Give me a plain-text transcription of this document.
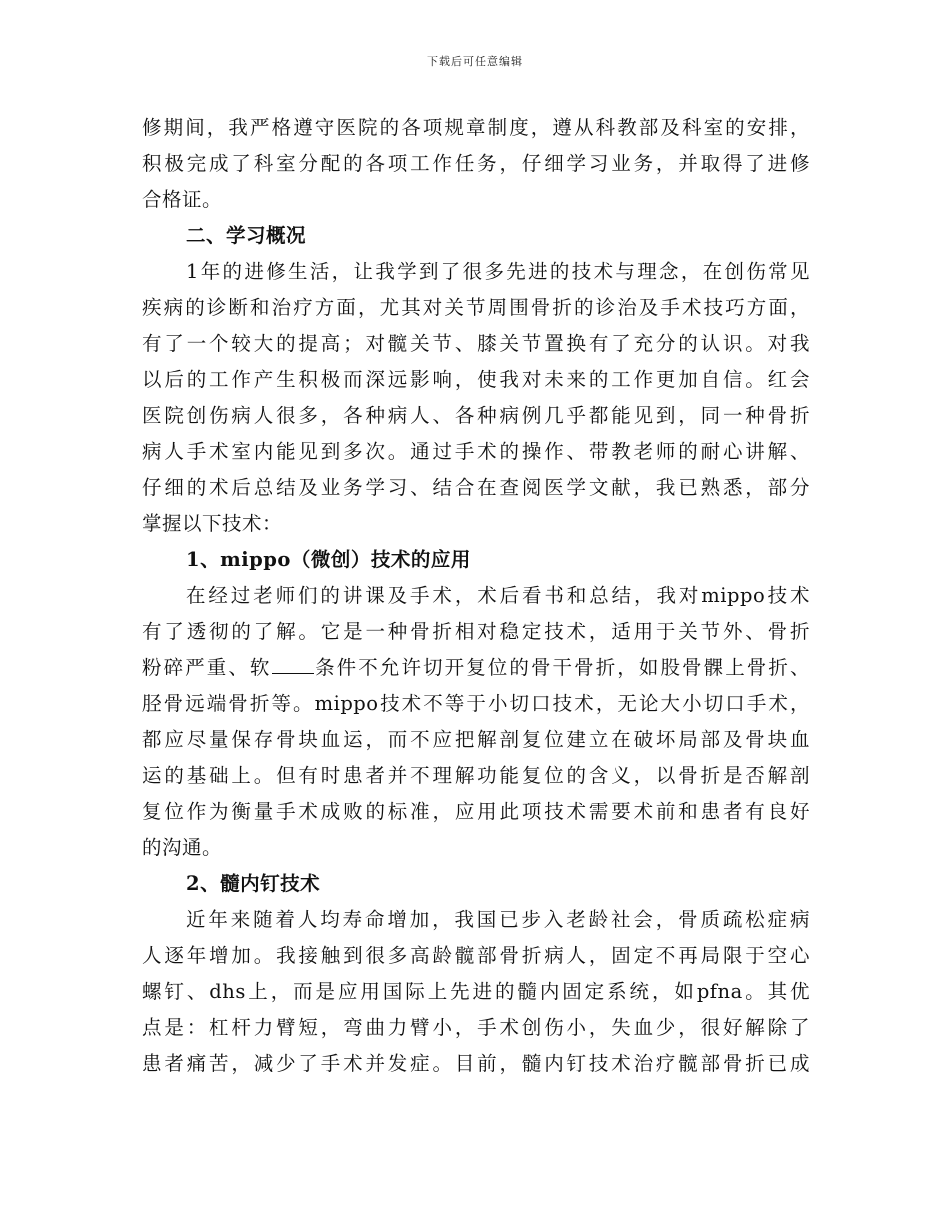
下载后可任意编辑
修期间，我严格遵守医院的各项规章制度，遵从科教部及科室的安排，
积极完成了科室分配的各项工作任务，仔细学习业务，并取得了进修
合格证。
二、学习概况
1年的进修生活，让我学到了很多先进的技术与理念，在创伤常见
疾病的诊断和治疗方面，尤其对关节周围骨折的诊治及手术技巧方面，
有了一个较大的提高；对髋关节、膝关节置换有了充分的认识。对我
以后的工作产生积极而深远影响，使我对未来的工作更加自信。红会
医院创伤病人很多，各种病人、各种病例几乎都能见到，同一种骨折
病人手术室内能见到多次。通过手术的操作、带教老师的耐心讲解、
仔细的术后总结及业务学习、结合在查阅医学文献，我已熟悉，部分
掌握以下技术：
1、mippo（微创）技术的应用
在经过老师们的讲课及手术，术后看书和总结，我对mippo技术
有了透彻的了解。它是一种骨折相对稳定技术，适用于关节外、骨折
粉碎严重、软 条件不允许切开复位的骨干骨折，如股骨髁上骨折、
胫骨远端骨折等。mippo技术不等于小切口技术，无论大小切口手术，
都应尽量保存骨块血运，而不应把解剖复位建立在破坏局部及骨块血
运的基础上。但有时患者并不理解功能复位的含义，以骨折是否解剖
复位作为衡量手术成败的标准，应用此项技术需要术前和患者有良好
的沟通。
2、髓内钉技术
近年来随着人均寿命增加，我国已步入老龄社会，骨质疏松症病
人逐年增加。我接触到很多高龄髋部骨折病人，固定不再局限于空心
螺钉、dhs上，而是应用国际上先进的髓内固定系统，如pfna。其优
点是：杠杆力臂短，弯曲力臂小，手术创伤小，失血少，很好解除了
患者痛苦，减少了手术并发症。目前，髓内钉技术治疗髋部骨折已成
